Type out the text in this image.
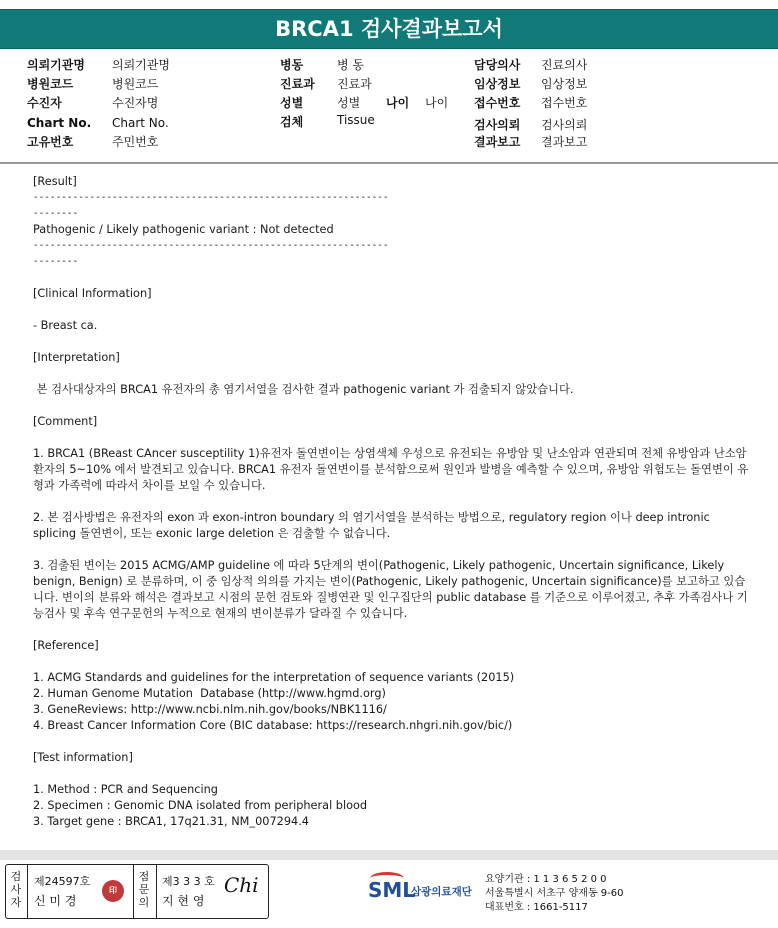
BRCA1 검사결과보고서
의뢰기관명 의뢰기관명
병원코드	병원코드
수진자	수진자명
Chart No. Chart No.
고유번호	주민번호
병동	병 동
진료과 진료과
성별	성별 나이 나이
검체	Tissue
담당의사 진료의사
임상정보 임상정보
접수번호 접수번호
검사의뢰 검사의뢰
결과보고 결과보고

[Result]

-----------------------------------------------------------------------

Pathogenic / Likely pathogenic variant : Not detected

-----------------------------------------------------------------------

[Clinical Information]

- Breast ca.

[Interpretation]

본 검사대상자의 BRCA1 유전자의 총 염기서열을 검사한 결과 pathogenic variant 가 검출되지 않았습니다.

[Comment]

1. BRCA1 (BReast CAncer susceptility 1)유전자 돌연변이는 상염색체 우성으로 유전되는 유방암 및 난소암과 연관되며 전체 유방암과 난소암 환자의 5~10% 에서 발견되고 있습니다. BRCA1 유전자 돌연변이를 분석함으로써 원인과 발병을 예측할 수 있으며, 유방암 위험도는 돌연변이 유형과 가족력에 따라서 차이를 보일 수 있습니다.

2. 본 검사방법은 유전자의 exon 과 exon-intron boundary 의 염기서열을 분석하는 방법으로, regulatory region 이나 deep intronic splicing 돌연변이, 또는 exonic large deletion 은 검출할 수 없습니다.

3. 검출된 변이는 2015 ACMG/AMP guideline 에 따라 5단계의 변이(Pathogenic, Likely pathogenic, Uncertain significance, Likely benign, Benign) 로 분류하며, 이 중 임상적 의의를 가지는 변이(Pathogenic, Likely pathogenic, Uncertain significance)를 보고하고 있습니다. 변이의 분류와 해석은 결과보고 시점의 문헌 검토와 질병연관 및 인구집단의 public database 를 기준으로 이루어졌고, 추후 가족검사나 기능검사 및 후속 연구문헌의 누적으로 현재의 변이분류가 달라질 수 있습니다.

[Reference]

1. ACMG Standards and guidelines for the interpretation of sequence variants (2015)

2. Human Genome Mutation  Database (http://www.hgmd.org)

3. GeneReviews: http://www.ncbi.nlm.nih.gov/books/NBK1116/

4. Breast Cancer Information Core (BIC database: https://research.nhgri.nih.gov/bic/)

[Test information]

1. Method : PCR and Sequencing

2. Specimen : Genomic DNA isolated from peripheral blood

3. Target gene : BRCA1, 17q21.31, NM_007294.4

검
사
자
제24597호
신 미 경
印
점
문
의
제3 3 3 호
지 현 영
Chi	SML
삼광의료재단
요양기관 : 1 1 3 6 5 2 0 0
서울특별시 서초구 양재동 9-60
대표번호 : 1661-5117
